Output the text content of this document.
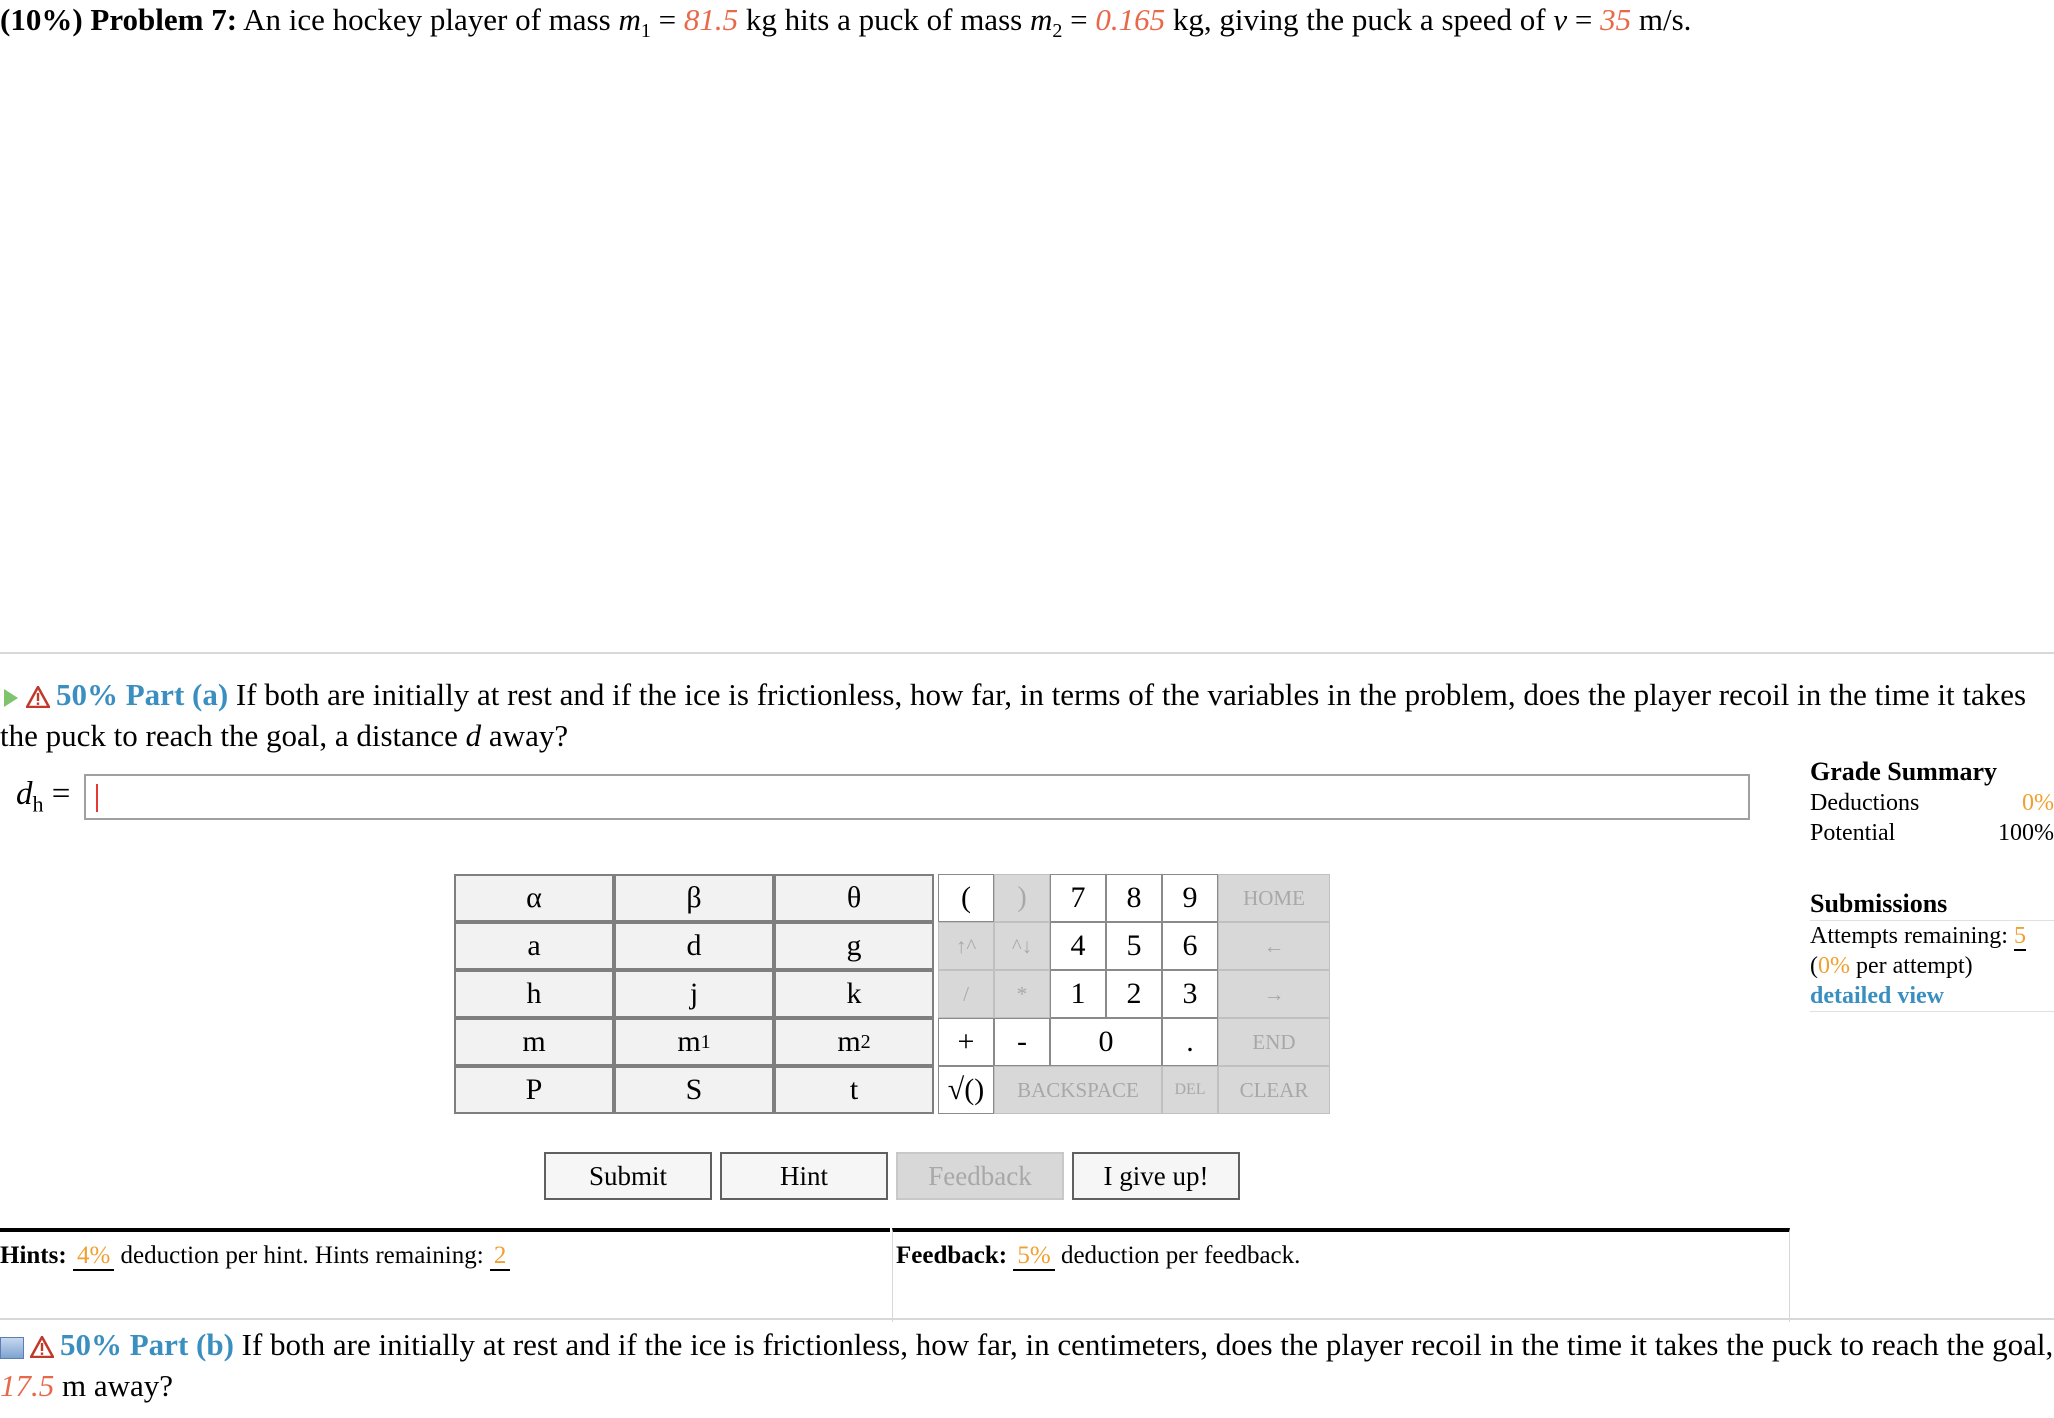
(10%) Problem 7: An ice hockey player of mass $m_1 = 81.5$ kg hits a puck of mass $m_2 = 0.165$ kg, giving the puck a speed of v = 35 m/s.
50% Part (a) If both are initially at rest and if the ice is frictionless, how far, in terms of the variables in the problem, does the player recoil in the time it takes the puck to reach the goal, a distance d away?
$d_h$ =
Grade Summary
Deductions	0%
Potential	100%
Submissions
Attempts remaining: 5
(0% per attempt)
detailed view
α	β	θ
a	d	g
h	j	k
m	m 1	m 2
P	S	t
(	)	7	8	9	HOME
↑^	^↓	4	5	6	←
/	*	1	2	3	→
+	-	0	.	END
√()	BACKSPACE	DEL	CLEAR
Submit	Hint	Feedback	I give up!
Hints: 4% deduction per hint. Hints remaining: 2	Feedback: 5% deduction per feedback.
50% Part (b) If both are initially at rest and if the ice is frictionless, how far, in centimeters, does the player recoil in the time it takes the puck to reach the goal, 17.5 m away?
